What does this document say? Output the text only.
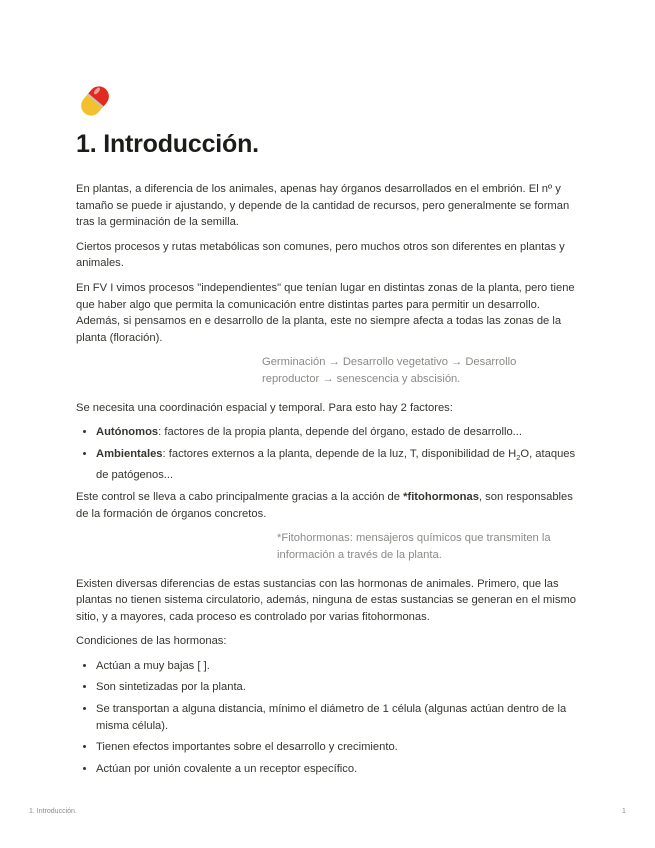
1. Introducción.

En plantas, a diferencia de los animales, apenas hay órganos desarrollados en el embrión. El nº y tamaño se puede ir ajustando, y depende de la cantidad de recursos, pero generalmente se forman tras la germinación de la semilla.

Ciertos procesos y rutas metabólicas son comunes, pero muchos otros son diferentes en plantas y animales.

En FV I vimos procesos "independientes" que tenían lugar en distintas zonas de la planta, pero tiene que haber algo que permita la comunicación entre distintas partes para permitir un desarrollo. Además, si pensamos en e desarrollo de la planta, este no siempre afecta a todas las zonas de la planta (floración).

Germinación → Desarrollo vegetativo → Desarrollo reproductor → senescencia y abscisión.

Se necesita una coordinación espacial y temporal. Para esto hay 2 factores:

• Autónomos: factores de la propia planta, depende del órgano, estado de desarrollo...
• Ambientales: factores externos a la planta, depende de la luz, T, disponibilidad de $H_2O$, ataques de patógenos...

Este control se lleva a cabo principalmente gracias a la acción de *fitohormonas, son responsables de la formación de órganos concretos.

*Fitohormonas: mensajeros químicos que transmiten la información a través de la planta.

Existen diversas diferencias de estas sustancias con las hormonas de animales. Primero, que las plantas no tienen sistema circulatorio, además, ninguna de estas sustancias se generan en el mismo sitio, y a mayores, cada proceso es controlado por varias fitohormonas.

Condiciones de las hormonas:

• Actúan a muy bajas [ ].
• Son sintetizadas por la planta.
• Se transportan a alguna distancia, mínimo el diámetro de 1 célula (algunas actúan dentro de la misma célula).
• Tienen efectos importantes sobre el desarrollo y crecimiento.
• Actúan por unión covalente a un receptor específico.
1. Introducción.	1
